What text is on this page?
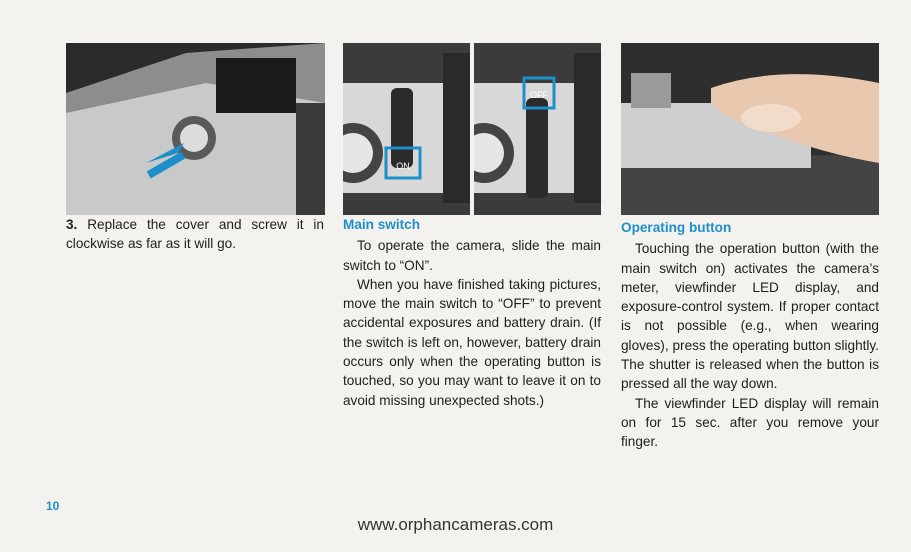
ON
OFF

3. Replace the cover and screw it in clockwise as far as it will go.

Main switch

To operate the camera, slide the main switch to “ON”.

When you have finished taking pictures, move the main switch to “OFF” to prevent accidental exposures and battery drain. (If the switch is left on, however, battery drain occurs only when the operating button is touched, so you may want to leave it on to avoid missing unexpected shots.)

Operating button

Touching the operation button (with the main switch on) activates the camera’s meter, viewfinder LED display, and exposure-control system. If proper contact is not possible (e.g., when wearing gloves), press the operating button slightly. The shutter is released when the button is pressed all the way down.

The viewfinder LED display will remain on for 15 sec. after you remove your finger.

10
www.orphancameras.com
